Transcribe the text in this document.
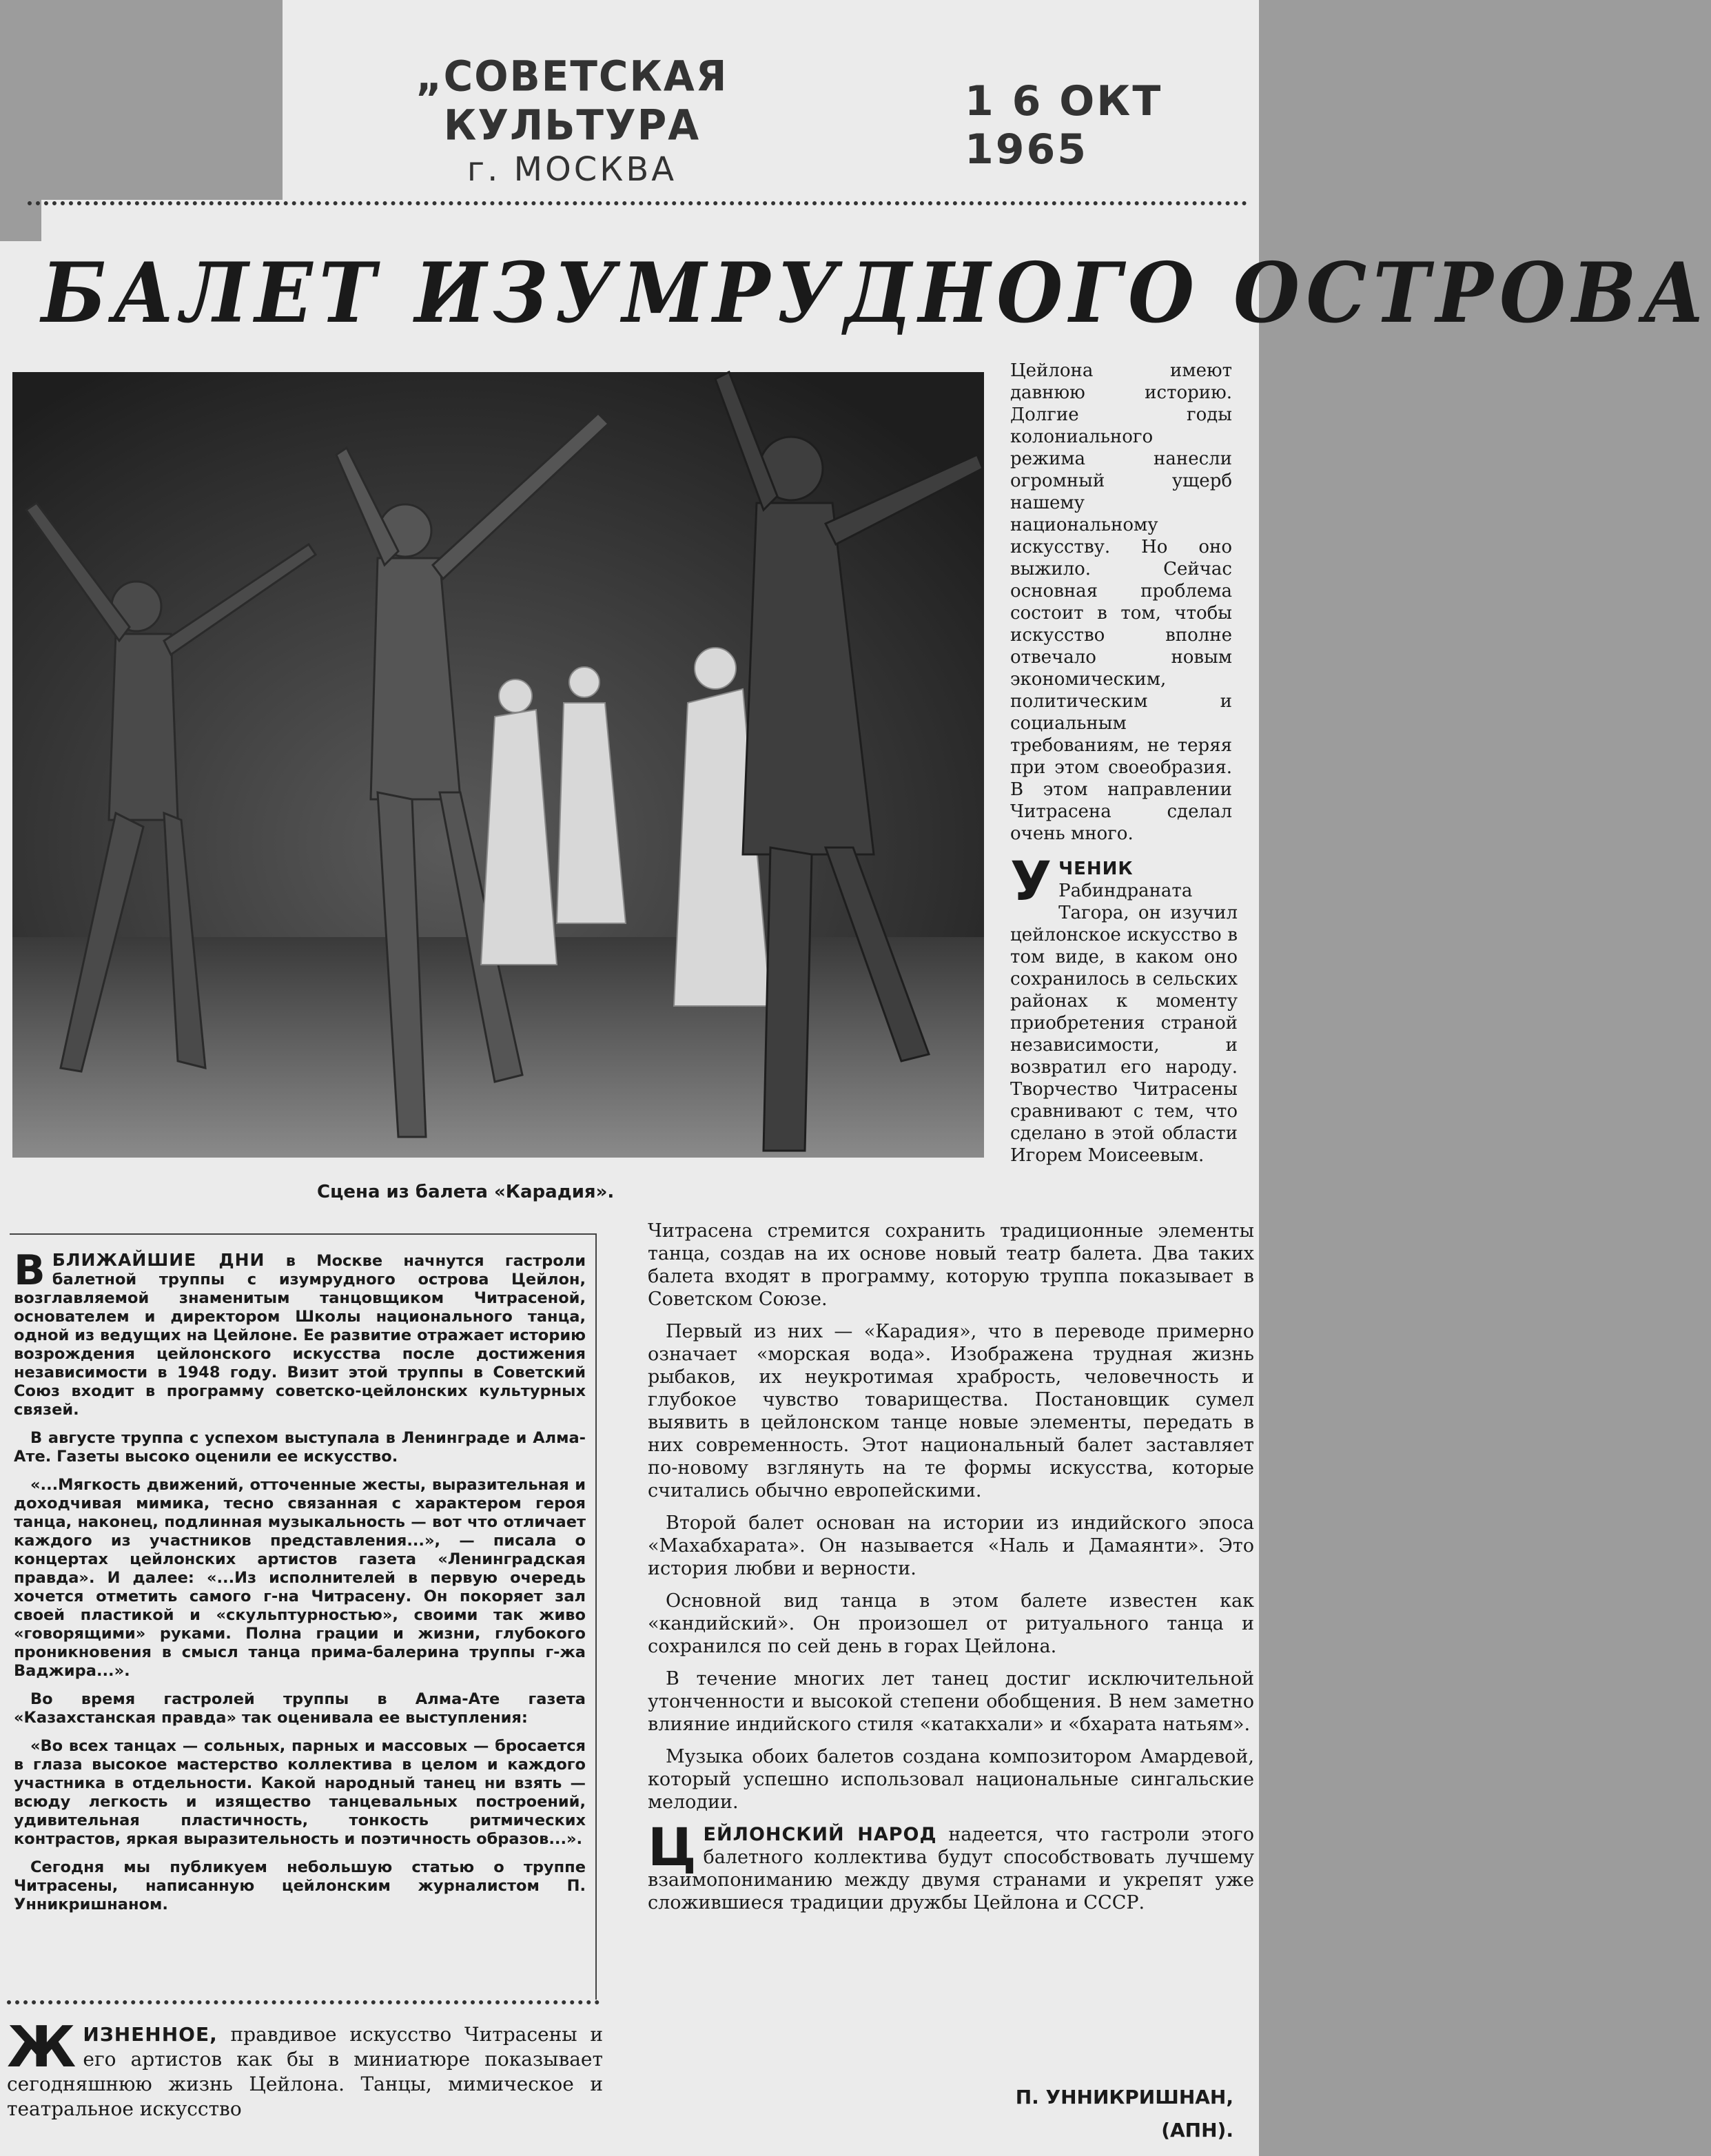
„СОВЕТСКАЯ КУЛЬТУРА
г. МОСКВА
1 6 ОКТ 1965
БАЛЕТ ИЗУМРУДНОГО ОСТРОВА
Сцена из балета «Карадия».

Цейлона имеют давнюю историю. Долгие годы колониального режима нанесли огромный ущерб нашему национальному искусству. Но оно выжило. Сейчас основная проблема состоит в том, чтобы искусство вполне отвечало новым экономическим, политическим и социальным требованиям, не теряя при этом своеобразия. В этом направлении Читрасена сделал очень много.

УЧЕНИК Рабиндраната Тагора, он изучил цейлонское искусство в том виде, в каком оно сохранилось в сельских районах к моменту приобретения страной независимости, и возвратил его народу. Творчество Читрасены сравнивают с тем, что сделано в этой области Игорем Моисеевым.

ВБЛИЖАЙШИЕ ДНИ в Москве начнутся гастроли балетной труппы с изумрудного острова Цейлон, возглавляемой знаменитым танцовщиком Читрасеной, основателем и директором Школы национального танца, одной из ведущих на Цейлоне. Ее развитие отражает историю возрождения цейлонского искусства после достижения независимости в 1948 году. Визит этой труппы в Советский Союз входит в программу советско-цейлонских культурных связей.

В августе труппа с успехом выступала в Ленинграде и Алма-Ате. Газеты высоко оценили ее искусство.

«...Мягкость движений, отточенные жесты, выразительная и доходчивая мимика, тесно связанная с характером героя танца, наконец, подлинная музыкальность — вот что отличает каждого из участников представления...», — писала о концертах цейлонских артистов газета «Ленинградская правда». И далее: «...Из исполнителей в первую очередь хочется отметить самого г-на Читрасену. Он покоряет зал своей пластикой и «скульптурностью», своими так живо «говорящими» руками. Полна грации и жизни, глубокого проникновения в смысл танца прима-балерина труппы г-жа Ваджира...».

Во время гастролей труппы в Алма-Ате газета «Казахстанская правда» так оценивала ее выступления:

«Во всех танцах — сольных, парных и массовых — бросается в глаза высокое мастерство коллектива в целом и каждого участника в отдельности. Какой народный танец ни взять — всюду легкость и изящество танцевальных построений, удивительная пластичность, тонкость ритмических контрастов, яркая выразительность и поэтичность образов...».

Сегодня мы публикуем небольшую статью о труппе Читрасены, написанную цейлонским журналистом П. Унникришнаном.

ЖИЗНЕННОЕ, правдивое искусство Читрасены и его артистов как бы в миниатюре показывает сегодняшнюю жизнь Цейлона. Танцы, мимическое и театральное искусство

Читрасена стремится сохранить традиционные элементы танца, создав на их основе новый театр балета. Два таких балета входят в программу, которую труппа показывает в Советском Союзе.

Первый из них — «Карадия», что в переводе примерно означает «морская вода». Изображена трудная жизнь рыбаков, их неукротимая храбрость, человечность и глубокое чувство товарищества. Постановщик сумел выявить в цейлонском танце новые элементы, передать в них современность. Этот национальный балет заставляет по-новому взглянуть на те формы искусства, которые считались обычно европейскими.

Второй балет основан на истории из индийского эпоса «Махабхарата». Он называется «Наль и Дамаянти». Это история любви и верности.

Основной вид танца в этом балете известен как «кандийский». Он произошел от ритуального танца и сохранился по сей день в горах Цейлона.

В течение многих лет танец достиг исключительной утонченности и высокой степени обобщения. В нем заметно влияние индийского стиля «катакхали» и «бхарата натьям».

Музыка обоих балетов создана композитором Амардевой, который успешно использовал национальные сингальские мелодии.

ЦЕЙЛОНСКИЙ НАРОД надеется, что гастроли этого балетного коллектива будут способствовать лучшему взаимопониманию между двумя странами и укрепят уже сложившиеся традиции дружбы Цейлона и СССР.

П. УННИКРИШНАН,
(АПН).
